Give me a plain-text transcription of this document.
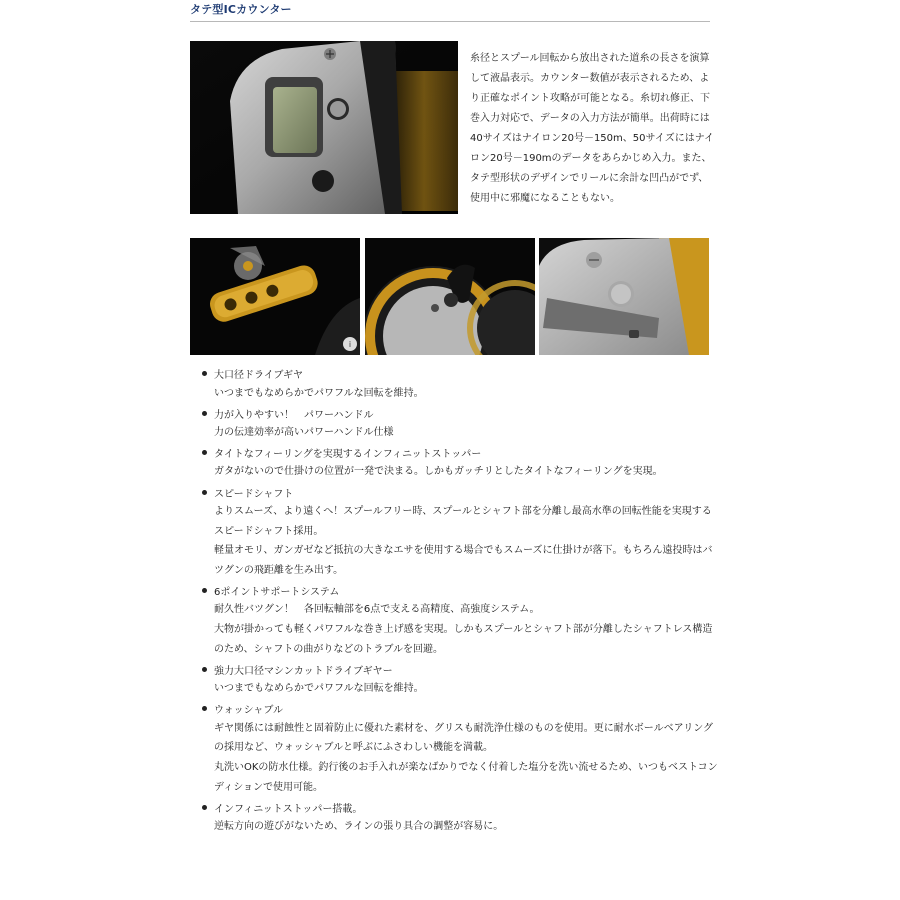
タテ型ICカウンター
糸径とスプール回転から放出された道糸の長さを演算して液晶表示。カウンター数値が表示されるため、より正確なポイント攻略が可能となる。糸切れ修正、下巻入力対応で、データの入力方法が簡単。出荷時には40サイズはナイロン20号－150m、50サイズにはナイロン20号－190mのデータをあらかじめ入力。また、タテ型形状のデザインでリールに余計な凹凸がでず、使用中に邪魔になることもない。
i
大口径ドライブギヤ

いつまでもなめらかでパワフルな回転を維持。

力が入りやすい！　パワーハンドル

力の伝達効率が高いパワーハンドル仕様

タイトなフィーリングを実現するインフィニットストッパー

ガタがないので仕掛けの位置が一発で決まる。しかもガッチリとしたタイトなフィーリングを実現。

スピードシャフト

よりスムーズ、より遠くへ！スプールフリー時、スプールとシャフト部を分離し最高水準の回転性能を実現するスピードシャフト採用。

軽量オモリ、ガンガゼなど抵抗の大きなエサを使用する場合でもスムーズに仕掛けが落下。もちろん遠投時はバツグンの飛距離を生み出す。

6ポイントサポートシステム

耐久性バツグン！　各回転軸部を6点で支える高精度、高強度システム。

大物が掛かっても軽くパワフルな巻き上げ感を実現。しかもスプールとシャフト部が分離したシャフトレス構造のため、シャフトの曲がりなどのトラブルを回避。

強力大口径マシンカットドライブギヤー

いつまでもなめらかでパワフルな回転を維持。

ウォッシャブル

ギヤ関係には耐蝕性と固着防止に優れた素材を、グリスも耐洗浄仕様のものを使用。更に耐水ボールベアリングの採用など、ウォッシャブルと呼ぶにふさわしい機能を満載。

丸洗いOKの防水仕様。釣行後のお手入れが楽なばかりでなく付着した塩分を洗い流せるため、いつもベストコンディションで使用可能。

インフィニットストッパー搭載。

逆転方向の遊びがないため、ラインの張り具合の調整が容易に。
